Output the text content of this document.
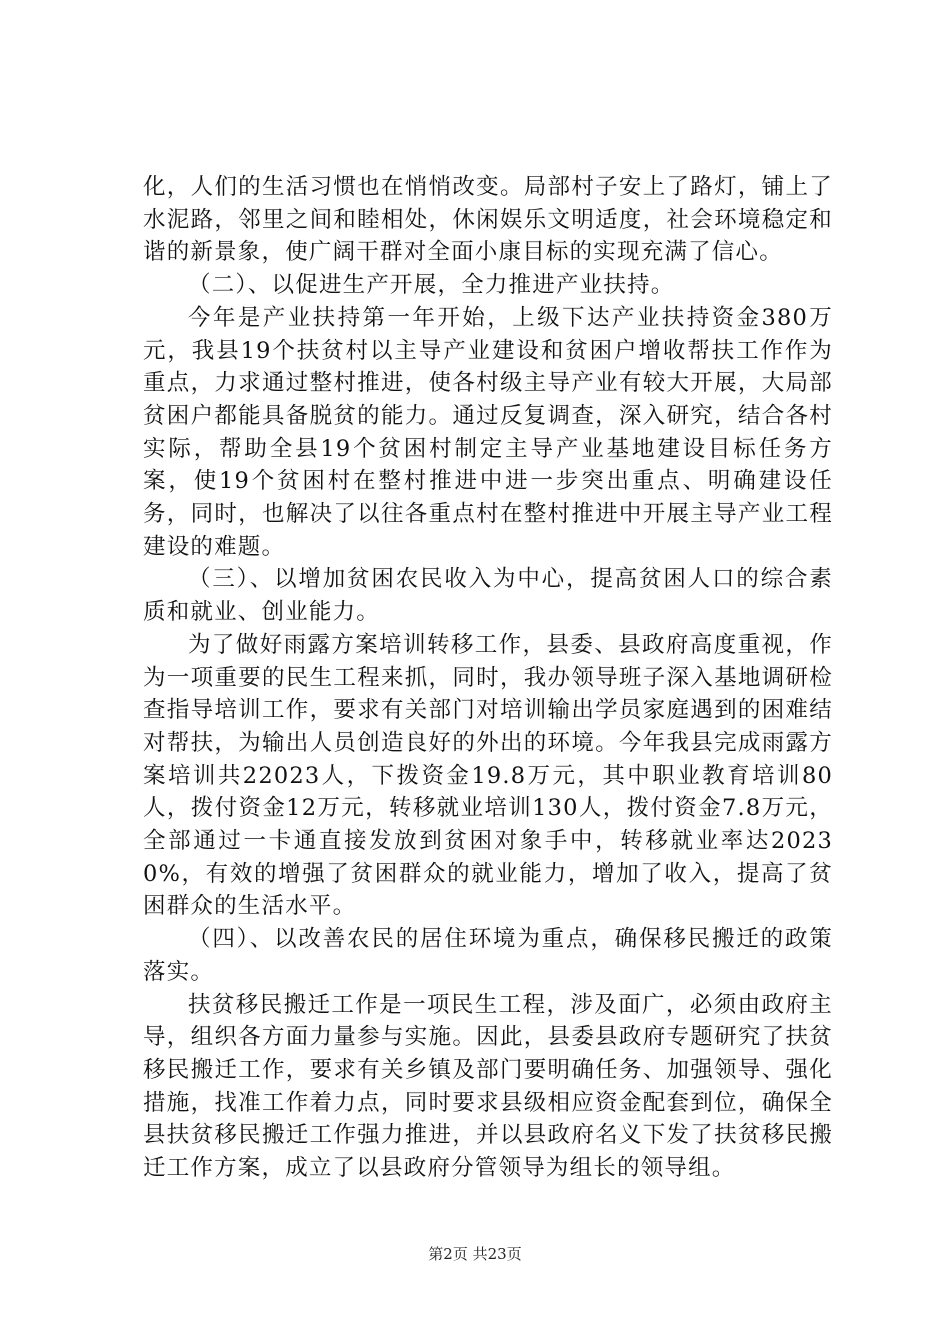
化，人们的生活习惯也在悄悄改变。局部村子安上了路灯，铺上了水泥路，邻里之间和睦相处，休闲娱乐文明适度，社会环境稳定和谐的新景象，使广阔干群对全面小康目标的实现充满了信心。

（二）、以促进生产开展，全力推进产业扶持。

今年是产业扶持第一年开始，上级下达产业扶持资金380万元，我县19个扶贫村以主导产业建设和贫困户增收帮扶工作作为重点，力求通过整村推进，使各村级主导产业有较大开展，大局部贫困户都能具备脱贫的能力。通过反复调查，深入研究，结合各村实际，帮助全县19个贫困村制定主导产业基地建设目标任务方案，使19个贫困村在整村推进中进一步突出重点、明确建设任务，同时，也解决了以往各重点村在整村推进中开展主导产业工程建设的难题。

（三）、以增加贫困农民收入为中心，提高贫困人口的综合素质和就业、创业能力。

为了做好雨露方案培训转移工作，县委、县政府高度重视，作为一项重要的民生工程来抓，同时，我办领导班子深入基地调研检查指导培训工作，要求有关部门对培训输出学员家庭遇到的困难结对帮扶，为输出人员创造良好的外出的环境。今年我县完成雨露方案培训共22023人，下拨资金19.8万元，其中职业教育培训80人，拨付资金12万元，转移就业培训130人，拨付资金7.8万元，全部通过一卡通直接发放到贫困对象手中，转移就业率达20230%，有效的增强了贫困群众的就业能力，增加了收入，提高了贫困群众的生活水平。

（四）、以改善农民的居住环境为重点，确保移民搬迁的政策落实。

扶贫移民搬迁工作是一项民生工程，涉及面广，必须由政府主导，组织各方面力量参与实施。因此，县委县政府专题研究了扶贫移民搬迁工作，要求有关乡镇及部门要明确任务、加强领导、强化措施，找准工作着力点，同时要求县级相应资金配套到位，确保全县扶贫移民搬迁工作强力推进，并以县政府名义下发了扶贫移民搬迁工作方案，成立了以县政府分管领导为组长的领导组。

第2页 共23页
